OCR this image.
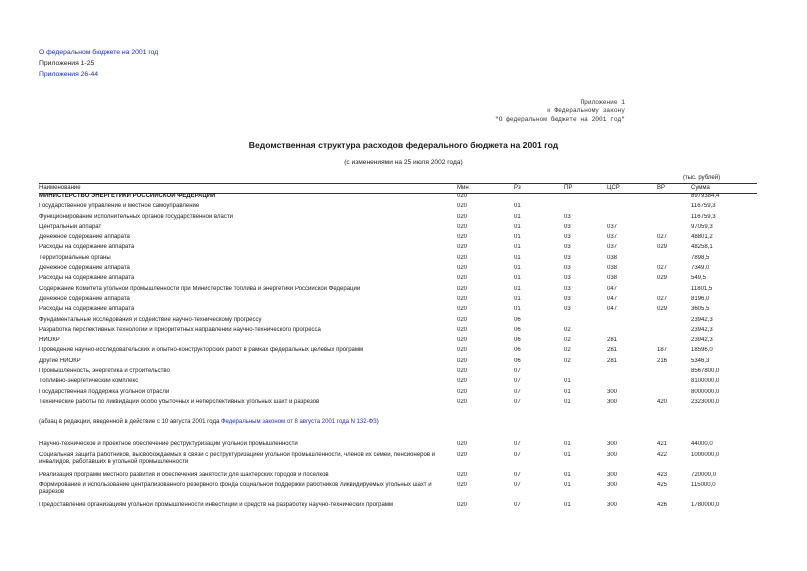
О федеральном бюджете на 2001 год
Приложения 1-25
Приложения 26-44
Приложение 1
к Федеральному закону
"О федеральном бюджете на 2001 год"
Ведомственная структура расходов федерального бюджета на 2001 год
(с изменениями на 25 июля 2002 года)
(тыс. рублей)
Наименование	Мин	Рз	ПР	ЦСР	ВР	Сумма
МИНИСТЕРСТВО ЭНЕРГЕТИКИ РОССИЙСКОЙ ФЕДЕРАЦИИ	020					8979384,4
Государственное управление и местное самоуправление	020	01				116759,3
Функционирование исполнительных органов государственной власти	020	01	03			116759,3
Центральный аппарат	020	01	03	037		97059,3
Денежное содержание аппарата	020	01	03	037	027	48801,2
Расходы на содержание аппарата	020	01	03	037	029	48258,1
Территориальные органы	020	01	03	038		7898,5
Денежное содержание аппарата	020	01	03	038	027	7349,0
Расходы на содержание аппарата	020	01	03	038	029	549,5
Содержание Комитета угольной промышленности при Министерстве топлива и энергетики Российской Федерации	020	01	03	047		11801,5
Денежное содержание аппарата	020	01	03	047	027	8196,0
Расходы на содержание аппарата	020	01	03	047	029	3605,5
Фундаментальные исследования и содействие научно-техническому прогрессу	020	06				23942,3
Разработка перспективных технологий и приоритетных направлений научно-технического прогресса	020	06	02			23942,3
НИОКР	020	06	02	281		23942,3
Проведение научно-исследовательских и опытно-конструкторских работ в рамках федеральных целевых программ	020	06	02	281	187	18596,0
Другие НИОКР	020	06	02	281	216	5346,3
Промышленность, энергетика и строительство	020	07				8567800,0
Топливно-энергетический комплекс	020	07	01			8100000,0
Государственная поддержка угольной отрасли	020	07	01	300		8000000,0
Технические работы по ликвидации особо убыточных и неперспективных угольных шахт и разрезов	020	07	01	300	420	2323000,0
(абзац в редакции, введенной в действие с 10 августа 2001 года Федеральным законом от 8 августа 2001 года N 132-ФЗ)						
Научно-техническое и проектное обеспечение реструктуризации угольной промышленности	020	07	01	300	421	44000,0
Социальная защита работников, высвобождаемых в связи с реструктуризацией угольной промышленности, членов их семей, пенсионеров и инвалидов, работавших в угольной промышленности	020	07	01	300	422	1000000,0
Реализация программ местного развития и обеспечения занятости для шахтерских городов и поселков	020	07	01	300	423	720000,0
Формирование и использование централизованного резервного фонда социальной поддержки работников ликвидируемых угольных шахт и разрезов	020	07	01	300	425	115000,0
Предоставление организациям угольной промышленности инвестиций и средств на разработку научно-технических программ	020	07	01	300	426	1780000,0
